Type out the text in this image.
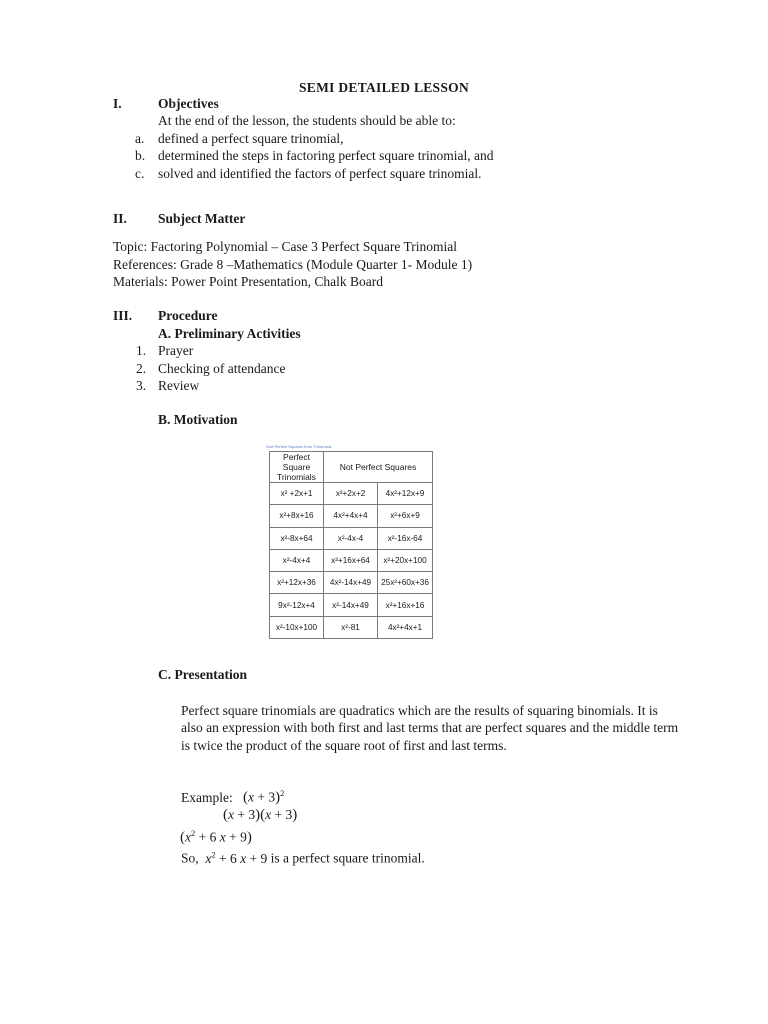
SEMI DETAILED LESSON
I.	Objectives
At the end of the lesson, the students should be able to:
a. defined a perfect square trinomial,
b. determined the steps in factoring perfect square trinomial, and
c. solved and identified the factors of perfect square trinomial.
II. Subject Matter
Topic: Factoring Polynomial – Case 3 Perfect Square Trinomial
References: Grade 8 –Mathematics (Module Quarter 1- Module 1)
Materials: Power Point Presentation, Chalk Board
III. Procedure
A. Preliminary Activities
1. Prayer
2. Checking of attendance
3. Review
B. Motivation
Sort Perfect Squares from Trinomials
Perfect Square Trinomials	Not Perfect Squares	
x² +2x+1	x²+2x+2	4x²+12x+9
x²+8x+16	4x²+4x+4	x²+6x+9
x²-8x+64	x²-4x-4	x²-16x-64
x²-4x+4	x²+16x+64	x²+20x+100
x²+12x+36	4x²-14x+49	25x²+60x+36
9x²-12x+4	x²-14x+49	x²+16x+16
x²-10x+100	x²-81	4x²+4x+1
C. Presentation
Perfect square trinomials are quadratics which are the results of squaring binomials. It is also an expression with both first and last terms that are perfect squares and the middle term is twice the product of the square root of first and last terms.
Example: $(x + 3)^2$
(x + 3)(x + 3)
($x^2 + 6$ x + 9)
So,  $x^2 + 6$ x + 9 is a perfect square trinomial.
